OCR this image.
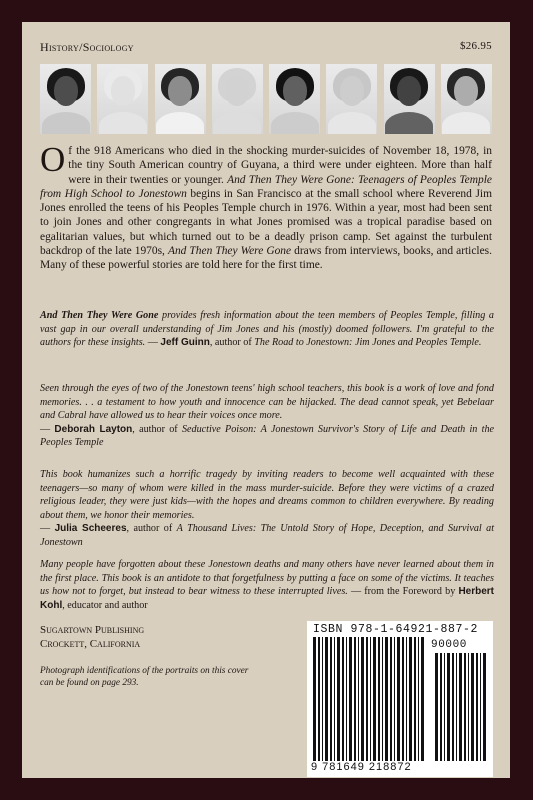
History/Sociology	$26.95

Of the 918 Americans who died in the shocking murder-suicides of November 18, 1978, in the tiny South American country of Guyana, a third were under eighteen. More than half were in their twenties or younger. And Then They Were Gone: Teenagers of Peoples Temple from High School to Jonestown begins in San Francisco at the small school where Reverend Jim Jones enrolled the teens of his Peoples Temple church in 1976. Within a year, most had been sent to join Jones and other congregants in what Jones promised was a tropical paradise based on egalitarian values, but which turned out to be a deadly prison camp. Set against the turbulent backdrop of the late 1970s, And Then They Were Gone draws from interviews, books, and articles. Many of these powerful stories are told here for the first time.

And Then They Were Gone provides fresh information about the teen members of Peoples Temple, filling a vast gap in our overall understanding of Jim Jones and his (mostly) doomed followers. I'm grateful to the authors for these insights. — Jeff Guinn, author of The Road to Jonestown: Jim Jones and Peoples Temple.

Seen through the eyes of two of the Jonestown teens' high school teachers, this book is a work of love and fond memories. . . a testament to how youth and innocence can be hijacked. The dead cannot speak, yet Bebelaar and Cabral have allowed us to hear their voices once more.
— Deborah Layton, author of Seductive Poison: A Jonestown Survivor's Story of Life and Death in the Peoples Temple

This book humanizes such a horrific tragedy by inviting readers to become well acquainted with these teenagers—so many of whom were killed in the mass murder-suicide. Before they were victims of a crazed religious leader, they were just kids—with the hopes and dreams common to children everywhere. By reading about them, we honor their memories.
— Julia Scheeres, author of A Thousand Lives: The Untold Story of Hope, Deception, and Survival at Jonestown

Many people have forgotten about these Jonestown deaths and many others have never learned about them in the first place. This book is an antidote to that forgetfulness by putting a face on some of the victims. It teaches us how not to forget, but instead to bear witness to these interrupted lives. — from the Foreword by Herbert Kohl, educator and author

Sugartown Publishing
Crockett, California

Photograph identifications of the portraits on this cover can be found on page 293.

ISBN 978-1-64921-887-2
90000
9 781649 218872
